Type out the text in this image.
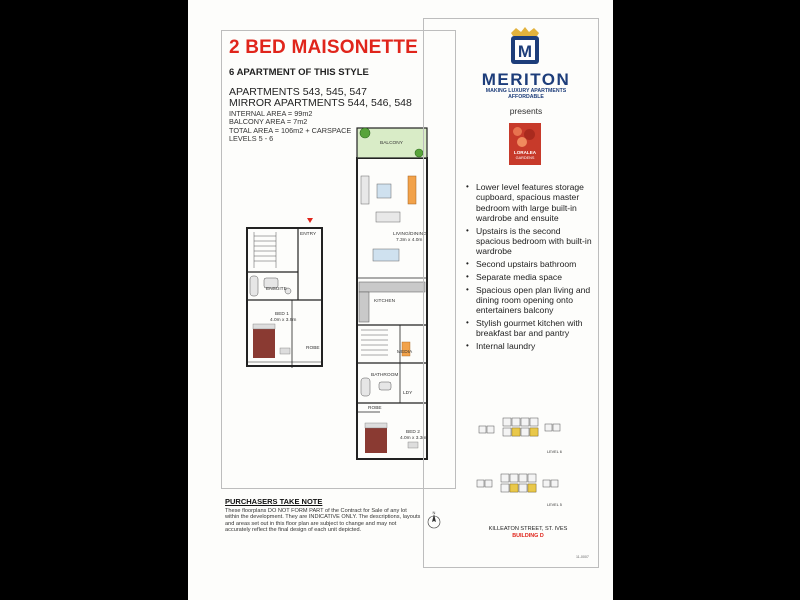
2 BED MAISONETTE
6 APARTMENT OF THIS STYLE
APARTMENTS 543, 545, 547
MIRROR APARTMENTS 544, 546, 548
INTERNAL AREA = 99m2
BALCONY AREA = 7m2
TOTAL AREA = 106m2 + CARSPACE
LEVELS 5 - 6
ENTRY
ENSUITE
BED 1
4.0m x 3.9m
ROBE
BALCONY
LIVING/DINING
7.3m x 4.0m
KITCHEN
MEDIA
BATHROOM
LDY
ROBE
BED 2
4.0m x 3.3m
PURCHASERS TAKE NOTE
These floorplans DO NOT FORM PART of the Contract for Sale of any lot within the development. They are INDICATIVE ONLY. The descriptions, layouts and areas set out in this floor plan are subject to change and may not accurately reflect the final design of each unit depicted.
M
MERITON
MAKING LUXURY APARTMENTS
AFFORDABLE
presents
LORALEA
GARDENS
• Lower level features storage cupboard, spacious master bedroom with large built-in wardrobe and ensuite
• Upstairs is the second spacious bedroom with built-in wardrobe
• Second upstairs bathroom
• Separate media space
• Spacious open plan living and dining room opening onto entertainers balcony
• Stylish gourmet kitchen with breakfast bar and pantry
• Internal laundry
LEVEL 6
LEVEL 5
N
KILLEATON STREET, ST. IVES
BUILDING D
11-0007
